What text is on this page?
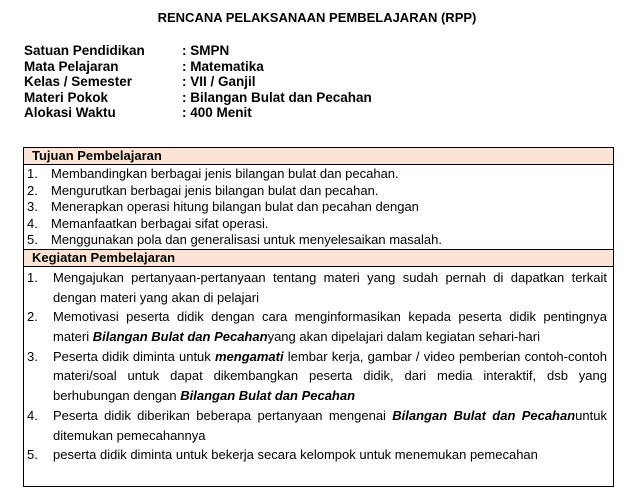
RENCANA PELAKSANAAN PEMBELAJARAN (RPP)
Satuan Pendidikan	: SMPN
Mata Pelajaran	: Matematika
Kelas / Semester	: VII / Ganjil
Materi Pokok	: Bilangan Bulat dan Pecahan
Alokasi Waktu	: 400 Menit
Tujuan Pembelajaran
1.	Membandingkan berbagai jenis bilangan bulat dan pecahan.
2.	Mengurutkan berbagai jenis bilangan bulat dan pecahan.
3.	Menerapkan operasi hitung bilangan bulat dan pecahan dengan
4.	Memanfaatkan berbagai sifat operasi.
5.	Menggunakan pola dan generalisasi untuk menyelesaikan masalah.
Kegiatan Pembelajaran
1.	Mengajukan pertanyaan-pertanyaan tentang materi yang sudah pernah di dapatkan terkait dengan materi yang akan di pelajari
2.	Memotivasi peserta didik dengan cara menginformasikan kepada peserta didik pentingnya materi Bilangan Bulat dan Pecahanyang akan dipelajari dalam kegiatan sehari-hari
3.	Peserta didik diminta untuk mengamati lembar kerja, gambar / video pemberian contoh-contoh materi/soal untuk dapat dikembangkan peserta didik, dari media interaktif, dsb yang berhubungan dengan Bilangan Bulat dan Pecahan
4.	Peserta didik diberikan beberapa pertanyaan mengenai Bilangan Bulat dan Pecahanuntuk ditemukan pemecahannya
5.	peserta didik diminta untuk bekerja secara kelompok untuk menemukan pemecahan
